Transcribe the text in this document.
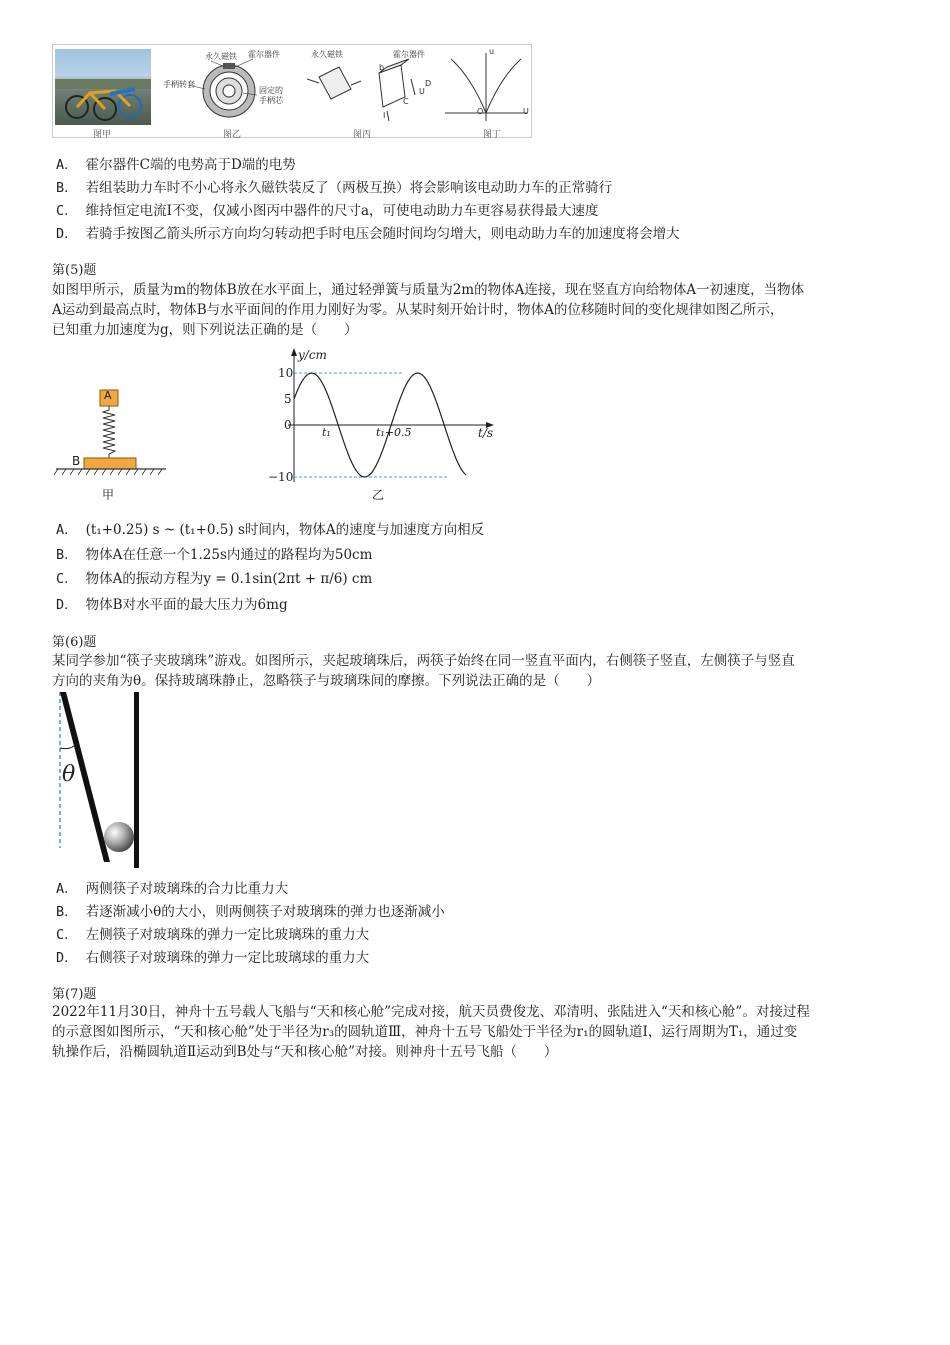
图甲
永久磁铁 霍尔器件
手柄转套
固定的
手柄芯
图乙
永久磁铁	霍尔器件
b
I
C
U
D
图丙
u
O	U
图丁
A． 霍尔器件C端的电势高于D端的电势
B． 若组装助力车时不小心将永久磁铁装反了（两极互换）将会影响该电动助力车的正常骑行
C． 维持恒定电流I不变，仅减小图丙中器件的尺寸a，可使电动助力车更容易获得最大速度
D． 若骑手按图乙箭头所示方向均匀转动把手时电压会随时间均匀增大，则电动助力车的加速度将会增大
第(5)题
如图甲所示，质量为m的物体B放在水平面上，通过轻弹簧与质量为2m的物体A连接，现在竖直方向给物体A一初速度，当物体
A运动到最高点时，物体B与水平面间的作用力刚好为零。从某时刻开始计时，物体A的位移随时间的变化规律如图乙所示，
已知重力加速度为g，则下列说法正确的是（　　）
A
B
甲
y/cm
t/s
10
5
0
−10
t₁	t₁+0.5
乙
A． (t₁+0.25) s ~ (t₁+0.5) s时间内，物体A的速度与加速度方向相反
B． 物体A在任意一个1.25s内通过的路程均为50cm
C． 物体A的振动方程为y = 0.1sin(2πt + π/6) cm
D． 物体B对水平面的最大压力为6mg
第(6)题
某同学参加“筷子夹玻璃珠”游戏。如图所示，夹起玻璃珠后，两筷子始终在同一竖直平面内，右侧筷子竖直，左侧筷子与竖直
方向的夹角为θ。保持玻璃珠静止，忽略筷子与玻璃珠间的摩擦。下列说法正确的是（　　）
θ
A． 两侧筷子对玻璃珠的合力比重力大
B． 若逐渐减小θ的大小，则两侧筷子对玻璃珠的弹力也逐渐减小
C． 左侧筷子对玻璃珠的弹力一定比玻璃珠的重力大
D． 右侧筷子对玻璃珠的弹力一定比玻璃球的重力大
第(7)题
2022年11月30日，神舟十五号载人飞船与“天和核心舱”完成对接，航天员费俊龙、邓清明、张陆进入“天和核心舱”。对接过程
的示意图如图所示，“天和核心舱”处于半径为r₃的圆轨道Ⅲ，神舟十五号飞船处于半径为r₁的圆轨道Ⅰ，运行周期为T₁，通过变
轨操作后，沿椭圆轨道Ⅱ运动到B处与“天和核心舱”对接。则神舟十五号飞船（　　）
